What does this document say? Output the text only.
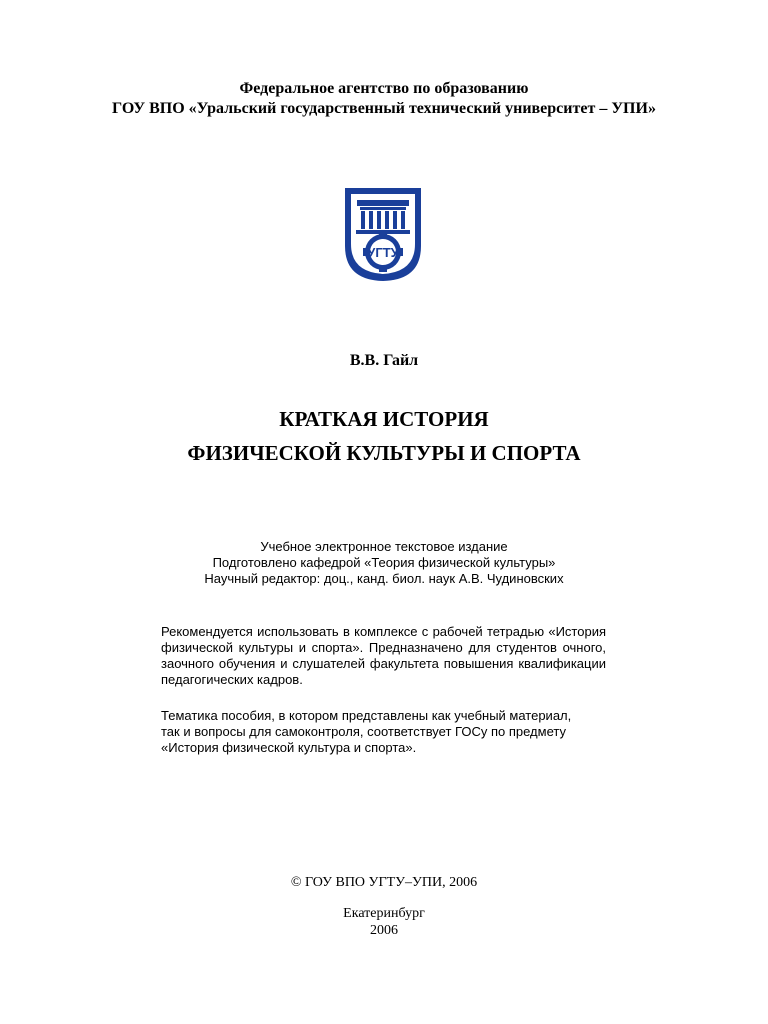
Федеральное агентство по образованию
ГОУ ВПО «Уральский государственный технический университет – УПИ»
УГТУ
В.В. Гайл
КРАТКАЯ ИСТОРИЯ
ФИЗИЧЕСКОЙ КУЛЬТУРЫ И СПОРТА
Учебное электронное текстовое издание
Подготовлено кафедрой «Теория физической культуры»
Научный редактор: доц., канд. биол. наук А.В. Чудиновских
Рекомендуется использовать в комплексе с рабочей тетрадью «История физической культуры и спорта». Предназначено для студентов очного, заочного обучения и слушателей факультета повышения квалификации педагогических кадров.
Тематика пособия, в котором представлены как учебный материал,
так и вопросы для самоконтроля, соответствует ГОСу по предмету
«История физической культура и спорта».
© ГОУ ВПО УГТУ–УПИ, 2006
Екатеринбург
2006
